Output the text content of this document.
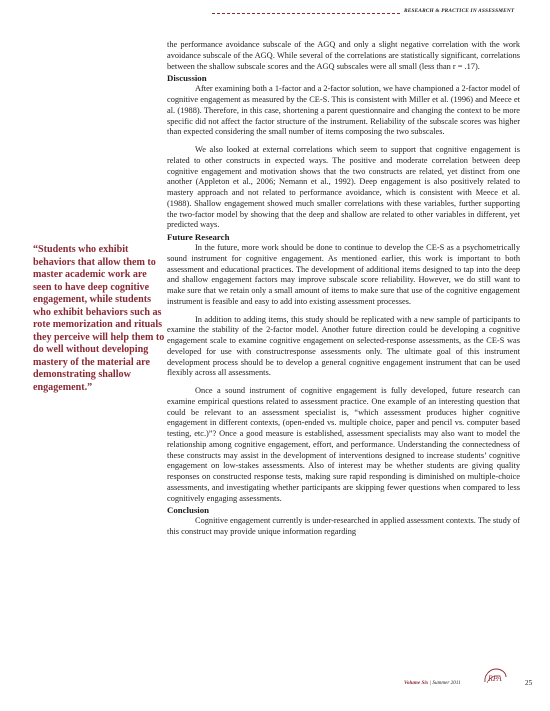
RESEARCH & PRACTICE IN ASSESSMENT

the performance avoidance subscale of the AGQ and only a slight negative correlation with the work avoidance subscale of the AGQ. While several of the correlations are statistically significant, correlations between the shallow subscale scores and the AGQ subscales were all small (less than r = .17).

Discussion

After examining both a 1-factor and a 2-factor solution, we have championed a 2-factor model of cognitive engagement as measured by the CE-S. This is consistent with Miller et al. (1996) and Meece et al. (1988). Therefore, in this case, shortening a parent questionnaire and changing the context to be more specific did not affect the factor structure of the instrument. Reliability of the subscale scores was higher than expected considering the small number of items composing the two subscales.

We also looked at external correlations which seem to support that cognitive engagement is related to other constructs in expected ways. The positive and moderate correlation between deep cognitive engagement and motivation shows that the two constructs are related, yet distinct from one another (Appleton et al., 2006; Nemann et al., 1992). Deep engagement is also positively related to mastery approach and not related to performance avoidance, which is consistent with Meece et al. (1988). Shallow engagement showed much smaller correlations with these variables, further supporting the two-factor model by showing that the deep and shallow are related to other variables in different, yet predicted ways.

Future Research

In the future, more work should be done to continue to develop the CE-S as a psychometrically sound instrument for cognitive engagement. As mentioned earlier, this work is important to both assessment and educational practices. The development of additional items designed to tap into the deep and shallow engagement factors may improve subscale score reliability. However, we do still want to make sure that we retain only a small amount of items to make sure that use of the cognitive engagement instrument is feasible and easy to add into existing assessment processes.

In addition to adding items, this study should be replicated with a new sample of participants to examine the stability of the 2-factor model. Another future direction could be developing a cognitive engagement scale to examine cognitive engagement on selected-response assessments, as the CE-S was developed for use with constructresponse assessments only. The ultimate goal of this instrument development process should be to develop a general cognitive engagement instrument that can be used flexibly across all assessments.

Once a sound instrument of cognitive engagement is fully developed, future research can examine empirical questions related to assessment practice. One example of an interesting question that could be relevant to an assessment specialist is, “which assessment produces higher cognitive engagement in different contexts, (open-ended vs. multiple choice, paper and pencil vs. computer based testing, etc.)”? Once a good measure is established, assessment specialists may also want to model the relationship among cognitive engagement, effort, and performance. Understanding the connectedness of these constructs may assist in the development of interventions designed to increase students’ cognitive engagement on low-stakes assessments. Also of interest may be whether students are giving quality responses on constructed response tests, making sure rapid responding is diminished on multiple-choice assessments, and investigating whether participants are skipping fewer questions when compared to less cognitively engaging assessments.

Conclusion

Cognitive engagement currently is under-researched in applied assessment contexts. The study of this construct may provide unique information regarding

“Students who exhibit behaviors that allow them to master academic work are seen to have deep cognitive engagement, while students who exhibit behaviors such as rote memorization and rituals they perceive will help them to do well without developing mastery of the material are demonstrating shallow engagement.”
Volume Six | Summer 2011	RPA	25
